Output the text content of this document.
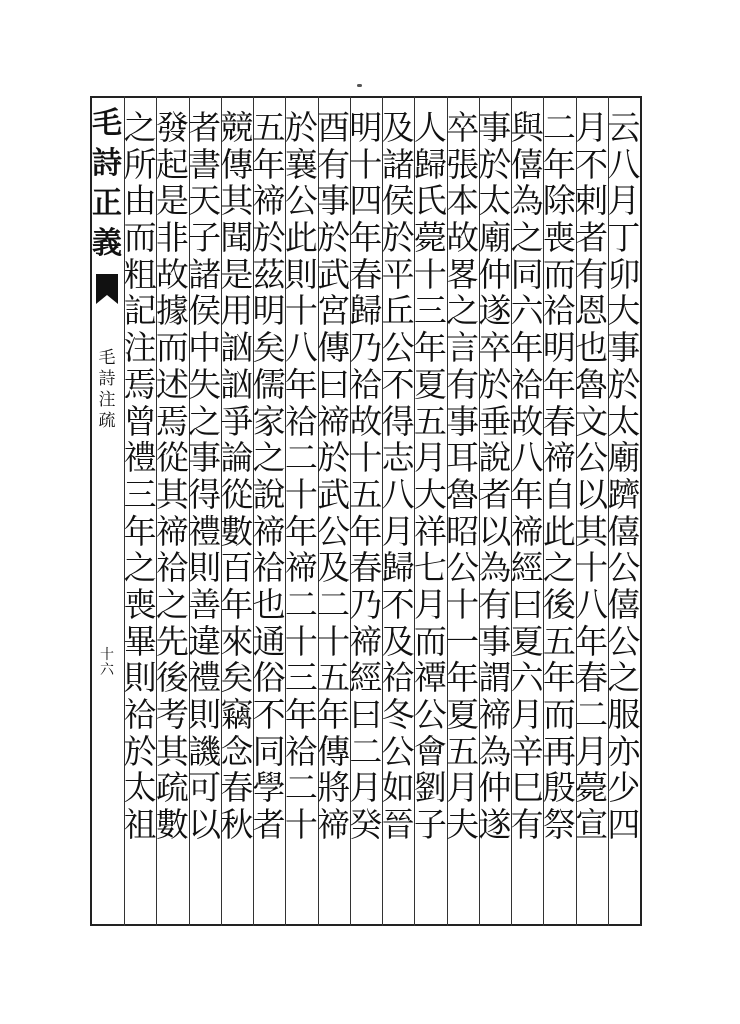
毛
詩
正
義
毛
詩
注
疏
十
六
云
八
月
丁
卯
大
事
於
太
廟
躋
僖
公
僖
公
之
服
亦
少
四
月
不
剌
者
有
恩
也
魯
文
公
以
其
十
八
年
春
二
月
薨
宣
二
年
除
喪
而
祫
明
年
春
禘
自
此
之
後
五
年
而
再
殷
祭
與
僖
為
之
同
六
年
祫
故
八
年
禘
經
曰
夏
六
月
辛
巳
有
事
於
太
廟
仲
遂
卒
於
垂
說
者
以
為
有
事
謂
禘
為
仲
遂
卒
張
本
故
畧
之
言
有
事
耳
魯
昭
公
十
一
年
夏
五
月
夫
人
歸
氏
薨
十
三
年
夏
五
月
大
祥
七
月
而
禫
公
會
劉
子
及
諸
侯
於
平
丘
公
不
得
志
八
月
歸
不
及
祫
冬
公
如
晉
明
十
四
年
春
歸
乃
祫
故
十
五
年
春
乃
禘
經
曰
二
月
癸
酉
有
事
於
武
宮
傳
曰
禘
於
武
公
及
二
十
五
年
傳
將
禘
於
襄
公
此
則
十
八
年
祫
二
十
年
禘
二
十
三
年
祫
二
十
五
年
禘
於
茲
明
矣
儒
家
之
說
禘
祫
也
通
俗
不
同
學
者
競
傳
其
聞
是
用
訩
訩
爭
論
從
數
百
年
來
矣
竊
念
春
秋
者
書
天
子
諸
侯
中
失
之
事
得
禮
則
善
違
禮
則
譏
可
以
發
起
是
非
故
據
而
述
焉
從
其
禘
祫
之
先
後
考
其
疏
數
之
所
由
而
粗
記
注
焉
曾
禮
三
年
之
喪
畢
則
祫
於
太
祖
